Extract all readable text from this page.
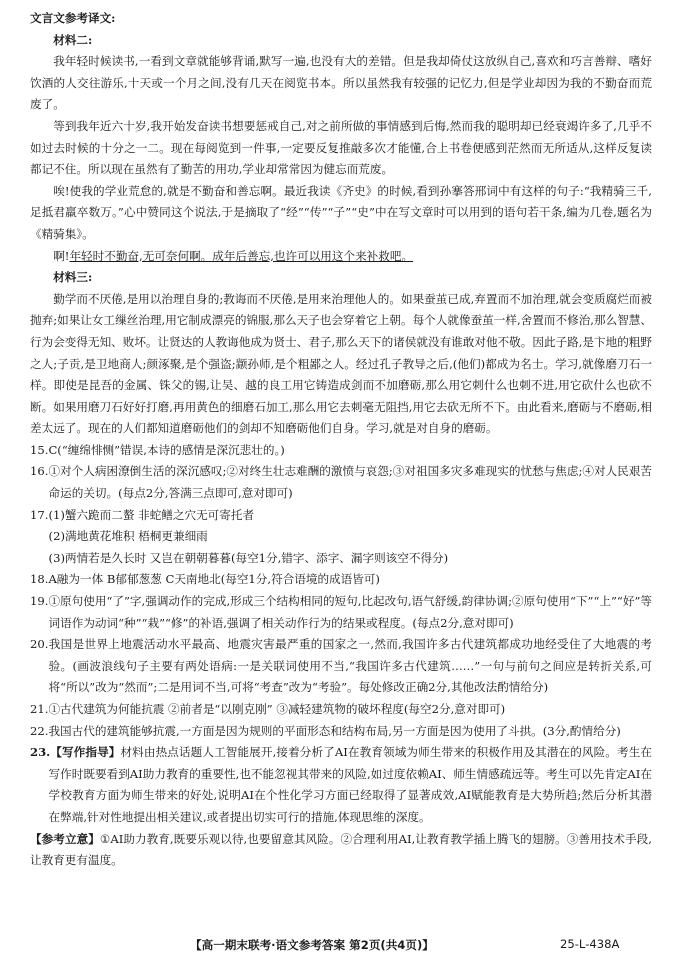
文言文参考译文:

材料二:

我年轻时候读书,一看到文章就能够背诵,默写一遍,也没有大的差错。但是我却倚仗这放纵自己,喜欢和巧言善辩、嗜好饮酒的人交往游乐,十天或一个月之间,没有几天在阅览书本。所以虽然我有较强的记忆力,但是学业却因为我的不勤奋而荒废了。

等到我年近六十岁,我开始发奋读书想要惩戒自己,对之前所做的事情感到后悔,然而我的聪明却已经衰竭许多了,几乎不如过去时候的十分之一二。现在每阅览到一件事,一定要反复推敲多次才能懂,合上书卷便感到茫然而无所适从,这样反复读都记不住。所以现在虽然有了勤苦的用功,学业却常常因为健忘而荒废。

唉!使我的学业荒怠的,就是不勤奋和善忘啊。最近我读《齐史》的时候,看到孙搴答邢词中有这样的句子:“我精骑三千,足抵君羸卒数万。”心中赞同这个说法,于是摘取了“经”“传”“子”“史”中在写文章时可以用到的语句若干条,编为几卷,题名为《精骑集》。

啊!年轻时不勤奋,无可奈何啊。成年后善忘,也许可以用这个来补救吧。

材料三:

勤学而不厌倦,是用以治理自身的;教诲而不厌倦,是用来治理他人的。如果蚕茧已成,弃置而不加治理,就会变质腐烂而被抛弃;如果让女工缫丝治理,用它制成漂亮的锦服,那么天子也会穿着它上朝。每个人就像蚕茧一样,舍置而不修治,那么智慧、行为会变得无知、败坏。让贤达的人教诲他成为贤士、君子,那么天下的诸侯就没有谁敢对他不敬。因此子路,是卞地的粗野之人;子贡,是卫地商人;颜涿聚,是个强盗;颛孙师,是个粗鄙之人。经过孔子教导之后,(他们)都成为名士。学习,就像磨刀石一样。即使是昆吾的金属、铢父的锡,让吴、越的良工用它铸造成剑而不加磨砺,那么用它刺什么也刺不进,用它砍什么也砍不断。如果用磨刀石好好打磨,再用黄色的细磨石加工,那么用它去刺毫无阻挡,用它去砍无所不下。由此看来,磨砺与不磨砺,相差太远了。现在的人们都知道磨砺他们的剑却不知磨砺他们自身。学习,就是对自身的磨砺。

15.C(“缠绵悱恻”错误,本诗的感情是深沉悲壮的。)

16.①对个人病困潦倒生活的深沉感叹;②对终生壮志难酬的激愤与哀怨;③对祖国多灾多难现实的忧愁与焦虑;④对人民艰苦命运的关切。(每点2分,答满三点即可,意对即可)

17.(1)蟹六跪而二螯 非蛇鳝之穴无可寄托者

(2)满地黄花堆积 梧桐更兼细雨

(3)两情若是久长时 又岂在朝朝暮暮(每空1分,错字、添字、漏字则该空不得分)

18.A融为一体 B郁郁葱葱 C天南地北(每空1分,符合语境的成语皆可)

19.①原句使用“了”字,强调动作的完成,形成三个结构相同的短句,比起改句,语气舒缓,韵律协调;②原句使用“下”“上”“好”等词语作为动词“种”“栽”“修”的补语,强调了相关动作行为的结果或程度。(每点2分,意对即可)

20.我国是世界上地震活动水平最高、地震灾害最严重的国家之一,然而,我国许多古代建筑都成功地经受住了大地震的考验。(画波浪线句子主要有两处语病:一是关联词使用不当,“我国许多古代建筑……”一句与前句之间应是转折关系,可将“所以”改为“然而”;二是用词不当,可将“考查”改为“考验”。每处修改正确2分,其他改法酌情给分)

21.①古代建筑为何能抗震 ②前者是“以刚克刚” ③减轻建筑物的破坏程度(每空2分,意对即可)

22.我国古代的建筑能够抗震,一方面是因为规则的平面形态和结构布局,另一方面是因为使用了斗拱。(3分,酌情给分)

23.【写作指导】材料由热点话题人工智能展开,接着分析了AI在教育领域为师生带来的积极作用及其潜在的风险。考生在写作时既要看到AI助力教育的重要性,也不能忽视其带来的风险,如过度依赖AI、师生情感疏远等。考生可以先肯定AI在学校教育方面为师生带来的好处,说明AI在个性化学习方面已经取得了显著成效,AI赋能教育是大势所趋;然后分析其潜在弊端,针对性地提出相关建议,或者提出切实可行的措施,体现思维的深度。

【参考立意】①AI助力教育,既要乐观以待,也要留意其风险。②合理利用AI,让教育教学插上腾飞的翅膀。③善用技术手段,让教育更有温度。

【高一期末联考·语文参考答案 第2页(共4页)】	25-L-438A
